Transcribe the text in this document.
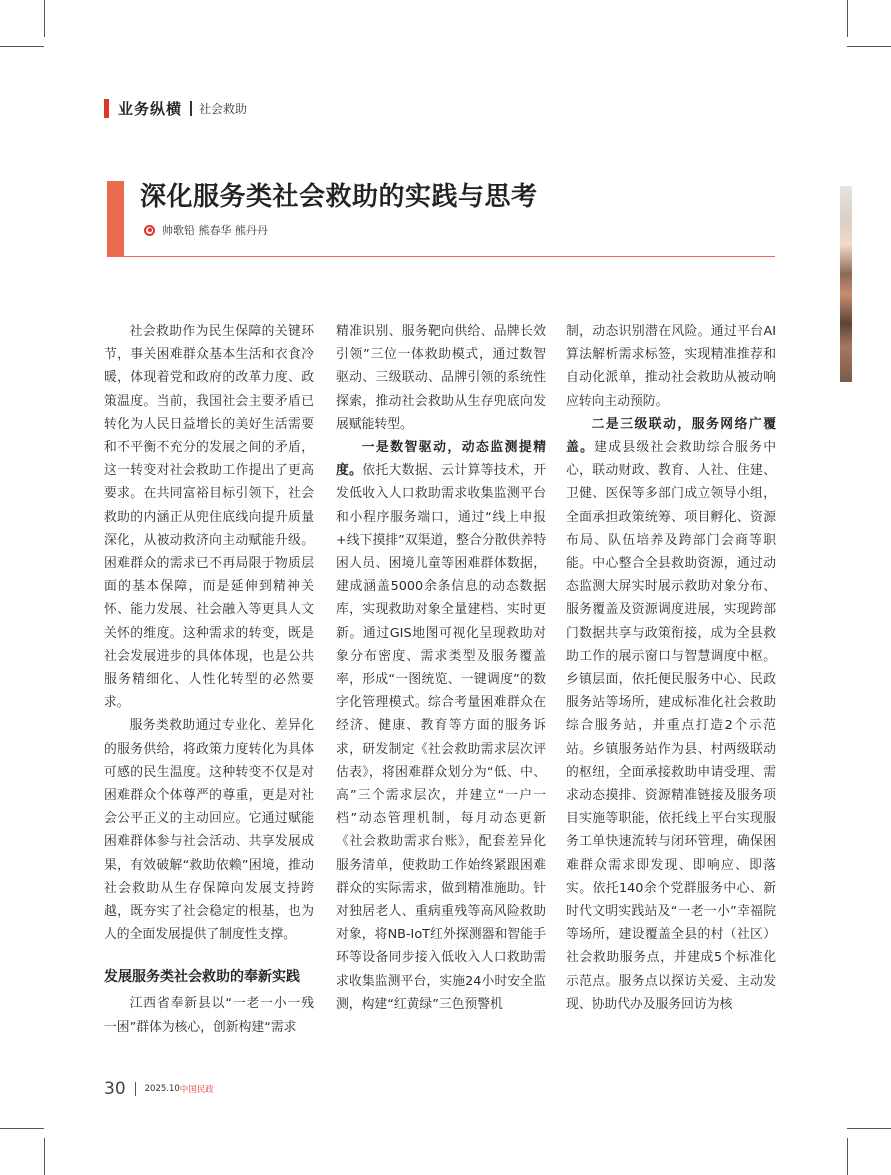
业务纵横 社会救助
深化服务类社会救助的实践与思考
帅歌铅 熊春华 熊丹丹

社会救助作为民生保障的关键环节，事关困难群众基本生活和衣食冷暖，体现着党和政府的改革力度、政策温度。当前，我国社会主要矛盾已转化为人民日益增长的美好生活需要和不平衡不充分的发展之间的矛盾，这一转变对社会救助工作提出了更高要求。在共同富裕目标引领下，社会救助的内涵正从兜住底线向提升质量深化，从被动救济向主动赋能升级。困难群众的需求已不再局限于物质层面的基本保障，而是延伸到精神关怀、能力发展、社会融入等更具人文关怀的维度。这种需求的转变，既是社会发展进步的具体体现，也是公共服务精细化、人性化转型的必然要求。

服务类救助通过专业化、差异化的服务供给，将政策力度转化为具体可感的民生温度。这种转变不仅是对困难群众个体尊严的尊重，更是对社会公平正义的主动回应。它通过赋能困难群体参与社会活动、共享发展成果，有效破解“救助依赖”困境，推动社会救助从生存保障向发展支持跨越，既夯实了社会稳定的根基，也为人的全面发展提供了制度性支撑。

发展服务类社会救助的奉新实践

江西省奉新县以“一老一小一残一困”群体为核心，创新构建“需求

精准识别、服务靶向供给、品牌长效引领”三位一体救助模式，通过数智驱动、三级联动、品牌引领的系统性探索，推动社会救助从生存兜底向发展赋能转型。

一是数智驱动，动态监测提精度。依托大数据、云计算等技术，开发低收入人口救助需求收集监测平台和小程序服务端口，通过“线上申报+线下摸排”双渠道，整合分散供养特困人员、困境儿童等困难群体数据，建成涵盖5000余条信息的动态数据库，实现救助对象全量建档、实时更新。通过GIS地图可视化呈现救助对象分布密度、需求类型及服务覆盖率，形成“一图统览、一键调度”的数字化管理模式。综合考量困难群众在经济、健康、教育等方面的服务诉求，研发制定《社会救助需求层次评估表》，将困难群众划分为“低、中、高”三个需求层次，并建立“一户一档”动态管理机制，每月动态更新《社会救助需求台账》，配套差异化服务清单，使救助工作始终紧跟困难群众的实际需求，做到精准施助。针对独居老人、重病重残等高风险救助对象，将NB-IoT红外探测器和智能手环等设备同步接入低收入人口救助需求收集监测平台，实施24小时安全监测，构建“红黄绿”三色预警机

制，动态识别潜在风险。通过平台AI算法解析需求标签，实现精准推荐和自动化派单，推动社会救助从被动响应转向主动预防。

二是三级联动，服务网络广覆盖。建成县级社会救助综合服务中心，联动财政、教育、人社、住建、卫健、医保等多部门成立领导小组，全面承担政策统筹、项目孵化、资源布局、队伍培养及跨部门会商等职能。中心整合全县救助资源，通过动态监测大屏实时展示救助对象分布、服务覆盖及资源调度进展，实现跨部门数据共享与政策衔接，成为全县救助工作的展示窗口与智慧调度中枢。乡镇层面，依托便民服务中心、民政服务站等场所，建成标准化社会救助综合服务站，并重点打造2个示范站。乡镇服务站作为县、村两级联动的枢纽，全面承接救助申请受理、需求动态摸排、资源精准链接及服务项目实施等职能，依托线上平台实现服务工单快速流转与闭环管理，确保困难群众需求即发现、即响应、即落实。依托140余个党群服务中心、新时代文明实践站及“一老一小”幸福院等场所，建设覆盖全县的村（社区）社会救助服务点，并建成5个标准化示范点。服务点以探访关爱、主动发现、协助代办及服务回访为核

30 2025.10 中国民政
